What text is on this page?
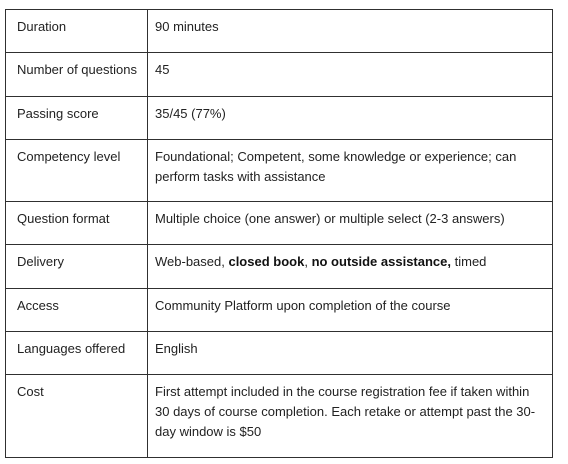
Duration	90 minutes
Number of questions	45
Passing score	35/45 (77%)
Competency level	Foundational; Competent, some knowledge or experience; can perform tasks with assistance
Question format	Multiple choice (one answer) or multiple select (2-3 answers)
Delivery	Web-based, closed book, no outside assistance, timed
Access	Community Platform upon completion of the course
Languages offered	English
Cost	First attempt included in the course registration fee if taken within 30 days of course completion. Each retake or attempt past the 30-day window is $50
